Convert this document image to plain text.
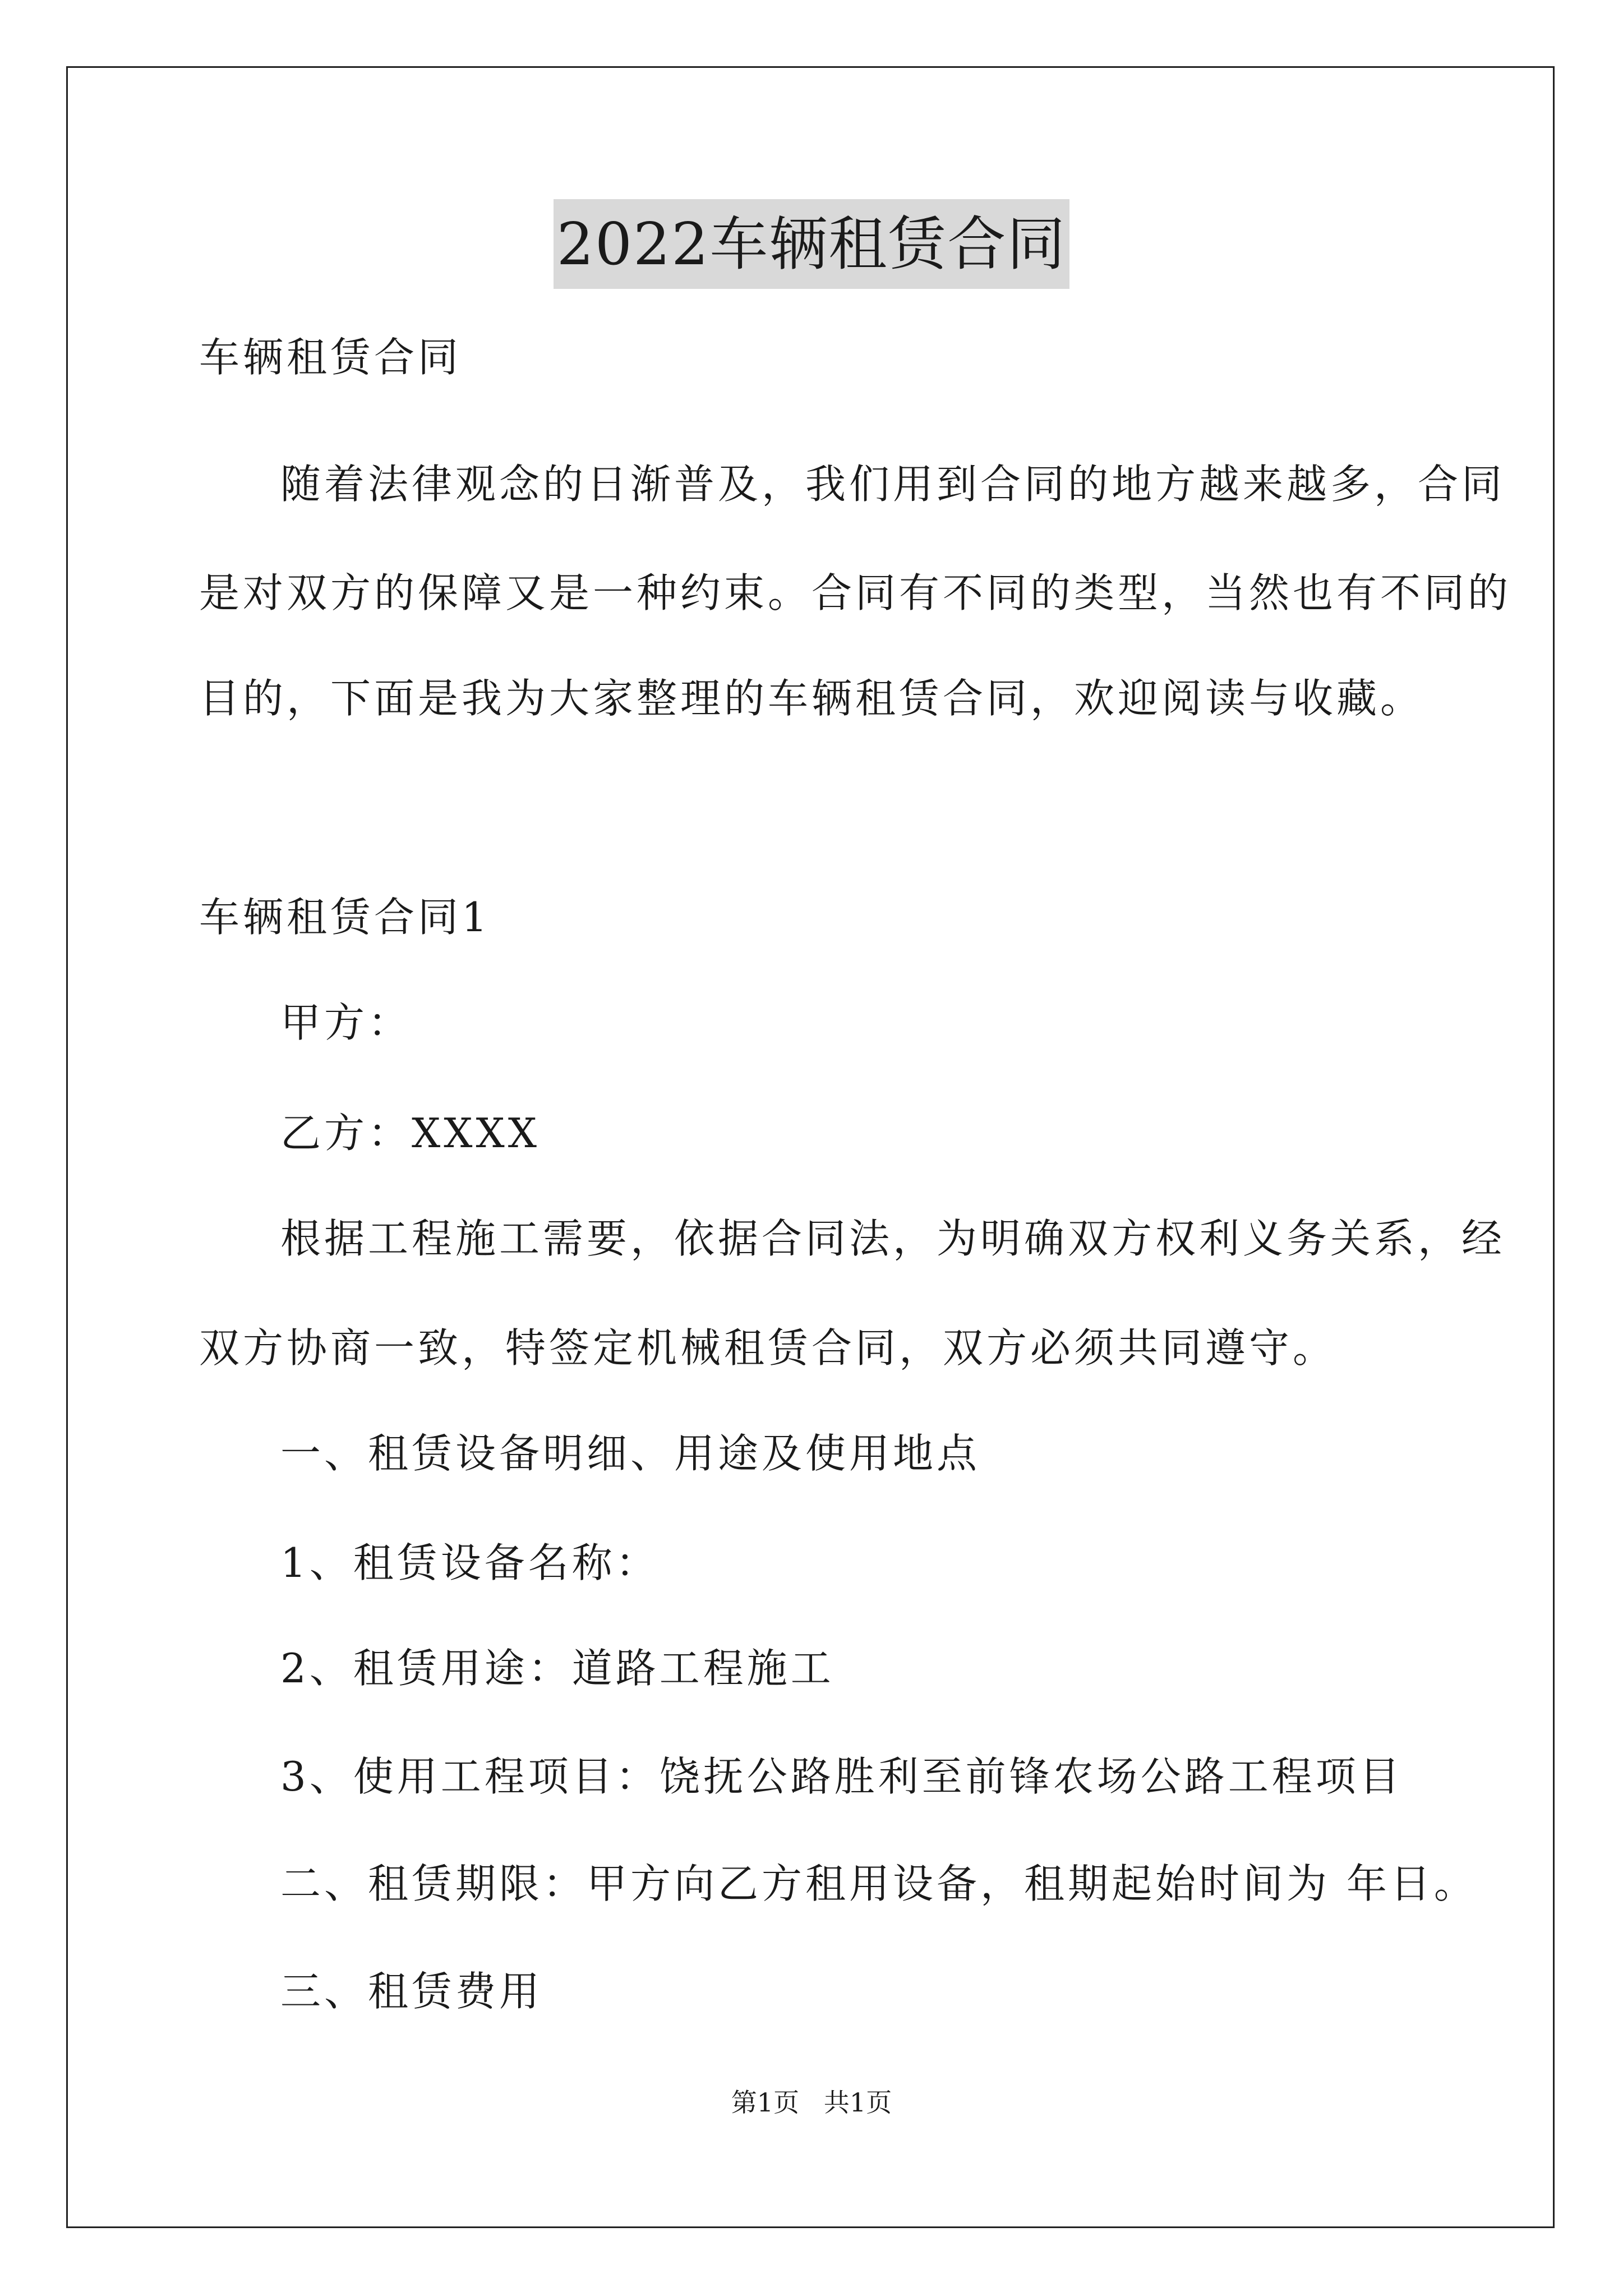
2022车辆租赁合同
车辆租赁合同
随着法律观念的日渐普及，我们用到合同的地方越来越多，合同
是对双方的保障又是一种约束。合同有不同的类型，当然也有不同的
目的，下面是我为大家整理的车辆租赁合同，欢迎阅读与收藏。
车辆租赁合同1
甲方：
乙方：XXXX
根据工程施工需要，依据合同法，为明确双方权利义务关系，经
双方协商一致，特签定机械租赁合同，双方必须共同遵守。
一、租赁设备明细、用途及使用地点
1、租赁设备名称：
2、租赁用途：道路工程施工
3、使用工程项目：饶抚公路胜利至前锋农场公路工程项目
二、租赁期限：甲方向乙方租用设备，租期起始时间为 年日。
三、租赁费用
第1页   共1页
